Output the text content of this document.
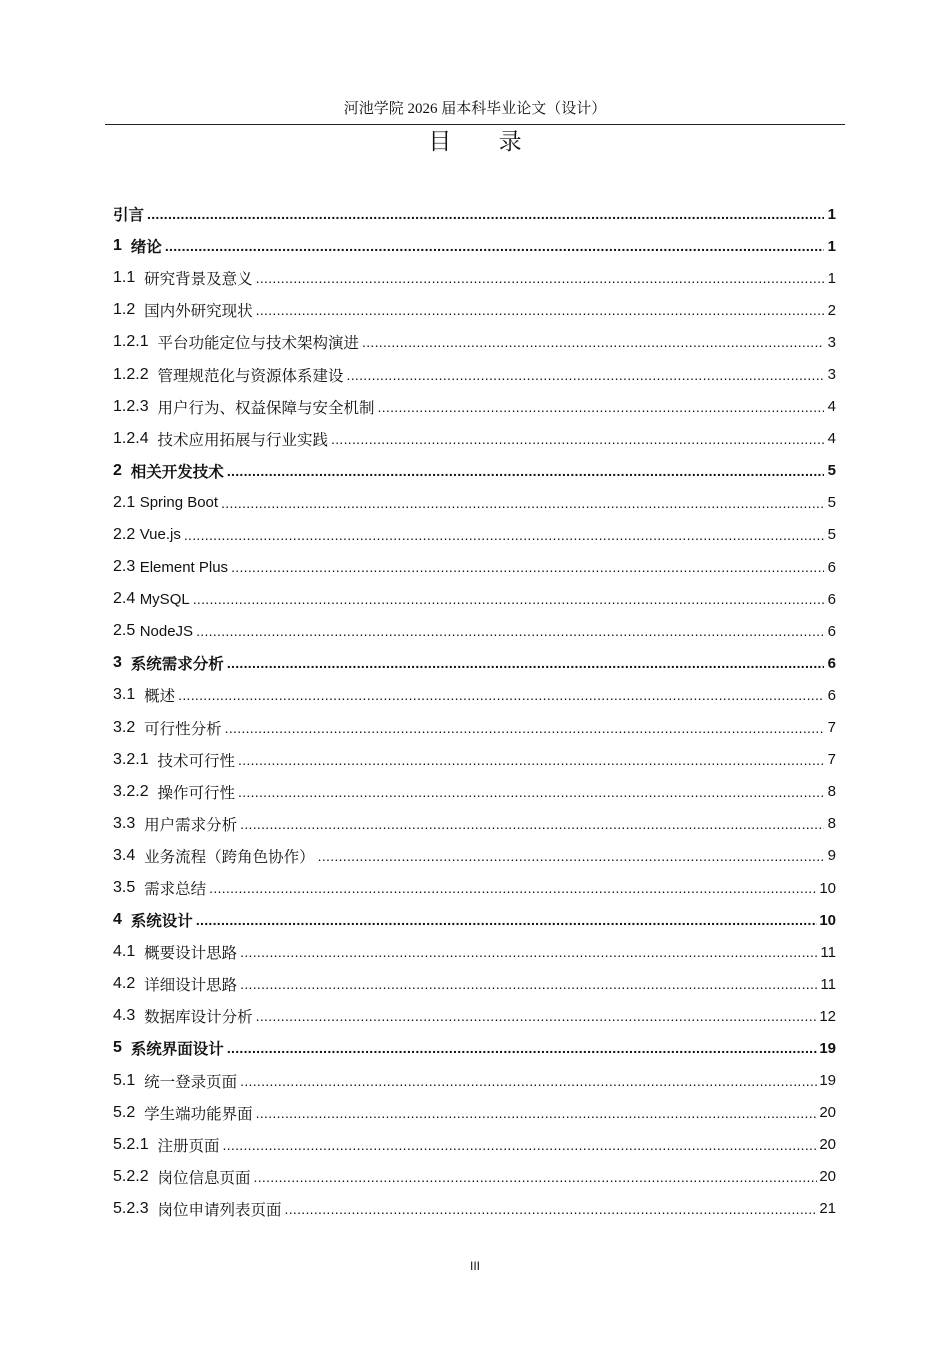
河池学院 2026 届本科毕业论文（设计）
目 录
引言 .....	1
1 绪论 .....	1
1.1 研究背景及意义 .....	1
1.2 国内外研究现状 .....	2
1.2.1 平台功能定位与技术架构演进 .....	3
1.2.2 管理规范化与资源体系建设 .....	3
1.2.3 用户行为、权益保障与安全机制 .....	4
1.2.4 技术应用拓展与行业实践 .....	4
2 相关开发技术 .....	5
2.1 Spring Boot .....	5
2.2 Vue.js .....	5
2.3 Element Plus .....	6
2.4 MySQL .....	6
2.5 NodeJS .....	6
3 系统需求分析 .....	6
3.1 概述 .....	6
3.2 可行性分析 .....	7
3.2.1 技术可行性 .....	7
3.2.2 操作可行性 .....	8
3.3 用户需求分析 .....	8
3.4 业务流程（跨角色协作） .....	9
3.5 需求总结 .....	10
4 系统设计 .....	10
4.1 概要设计思路 .....	11
4.2 详细设计思路 .....	11
4.3 数据库设计分析 .....	12
5 系统界面设计 .....	19
5.1 统一登录页面 .....	19
5.2 学生端功能界面 .....	20
5.2.1 注册页面 .....	20
5.2.2 岗位信息页面 .....	20
5.2.3 岗位申请列表页面 .....	21
III
